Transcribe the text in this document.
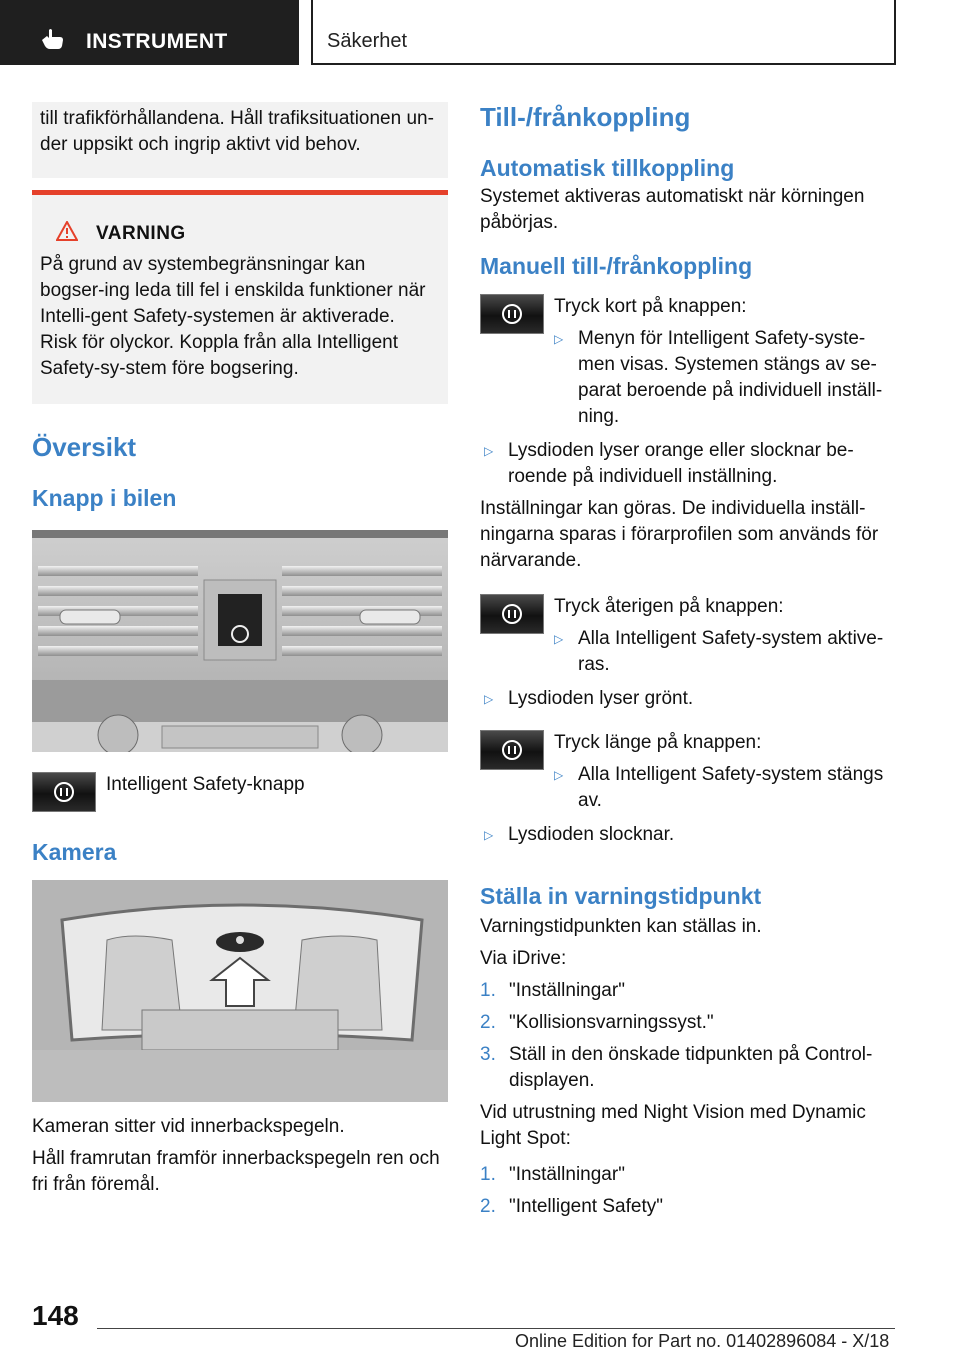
INSTRUMENT	Säkerhet

till trafikförhållandena. Håll trafiksituationen un-der uppsikt och ingrip aktivt vid behov.

VARNING

På grund av systembegränsningar kan bogser-ing leda till fel i enskilda funktioner när Intelli-gent Safety-systemen är aktiverade. Risk för olyckor. Koppla från alla Intelligent Safety-sy-stem före bogsering.

Översikt
Knapp i bilen

Intelligent Safety-knapp

Kamera

Kameran sitter vid innerbackspegeln.

Håll framrutan framför innerbackspegeln ren och fri från föremål.

Till-/frånkoppling
Automatisk tillkoppling

Systemet aktiveras automatiskt när körningen påbörjas.

Manuell till-/frånkoppling

Tryck kort på knappen:

▷ Menyn för Intelligent Safety-syste-men visas. Systemen stängs av se-parat beroende på individuell inställ-ning.
▷ Lysdioden lyser orange eller slocknar be-roende på individuell inställning.

Inställningar kan göras. De individuella inställ-ningarna sparas i förarprofilen som används för närvarande.

Tryck återigen på knappen:

▷ Alla Intelligent Safety-system aktive-ras.
▷ Lysdioden lyser grönt.

Tryck länge på knappen:

▷ Alla Intelligent Safety-system stängs av.
▷ Lysdioden slocknar.
Ställa in varningstidpunkt

Varningstidpunkten kan ställas in.

Via iDrive:

1. "Inställningar"
2. "Kollisionsvarningssyst."
3. Ställ in den önskade tidpunkten på Control-displayen.

Vid utrustning med Night Vision med Dynamic Light Spot:

1. "Inställningar"
2. "Intelligent Safety"
148
Online Edition for Part no. 01402896084 - X/18
